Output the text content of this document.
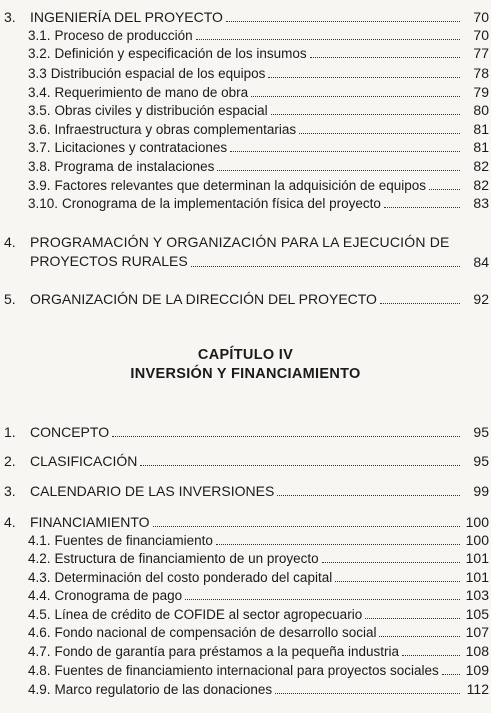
3.	INGENIERÍA DEL PROYECTO	70
3.1. Proceso de producción	70
3.2. Definición y especificación de los insumos	77
3.3 Distribución espacial de los equipos	78
3.4. Requerimiento de mano de obra	79
3.5. Obras civiles y distribución espacial	80
3.6. Infraestructura y obras complementarias	81
3.7. Licitaciones y contrataciones	81
3.8. Programa de instalaciones	82
3.9. Factores relevantes que determinan la adquisición de equipos	82
3.10. Cronograma de la implementación física del proyecto	83
4.	PROGRAMACIÓN Y ORGANIZACIÓN PARA LA EJECUCIÓN DE
PROYECTOS RURALES	84
5.	ORGANIZACIÓN DE LA DIRECCIÓN DEL PROYECTO	92
CAPÍTULO IV
INVERSIÓN Y FINANCIAMIENTO
1.	CONCEPTO	95
2.	CLASIFICACIÓN	95
3.	CALENDARIO DE LAS INVERSIONES	99
4.	FINANCIAMIENTO	100
4.1. Fuentes de financiamiento	100
4.2. Estructura de financiamiento de un proyecto	101
4.3. Determinación del costo ponderado del capital	101
4.4. Cronograma de pago	103
4.5. Línea de crédito de COFIDE al sector agropecuario	105
4.6. Fondo nacional de compensación de desarrollo social	107
4.7. Fondo de garantía para préstamos a la pequeña industria	108
4.8. Fuentes de financiamiento internacional para proyectos sociales 109
4.9. Marco regulatorio de las donaciones	112
